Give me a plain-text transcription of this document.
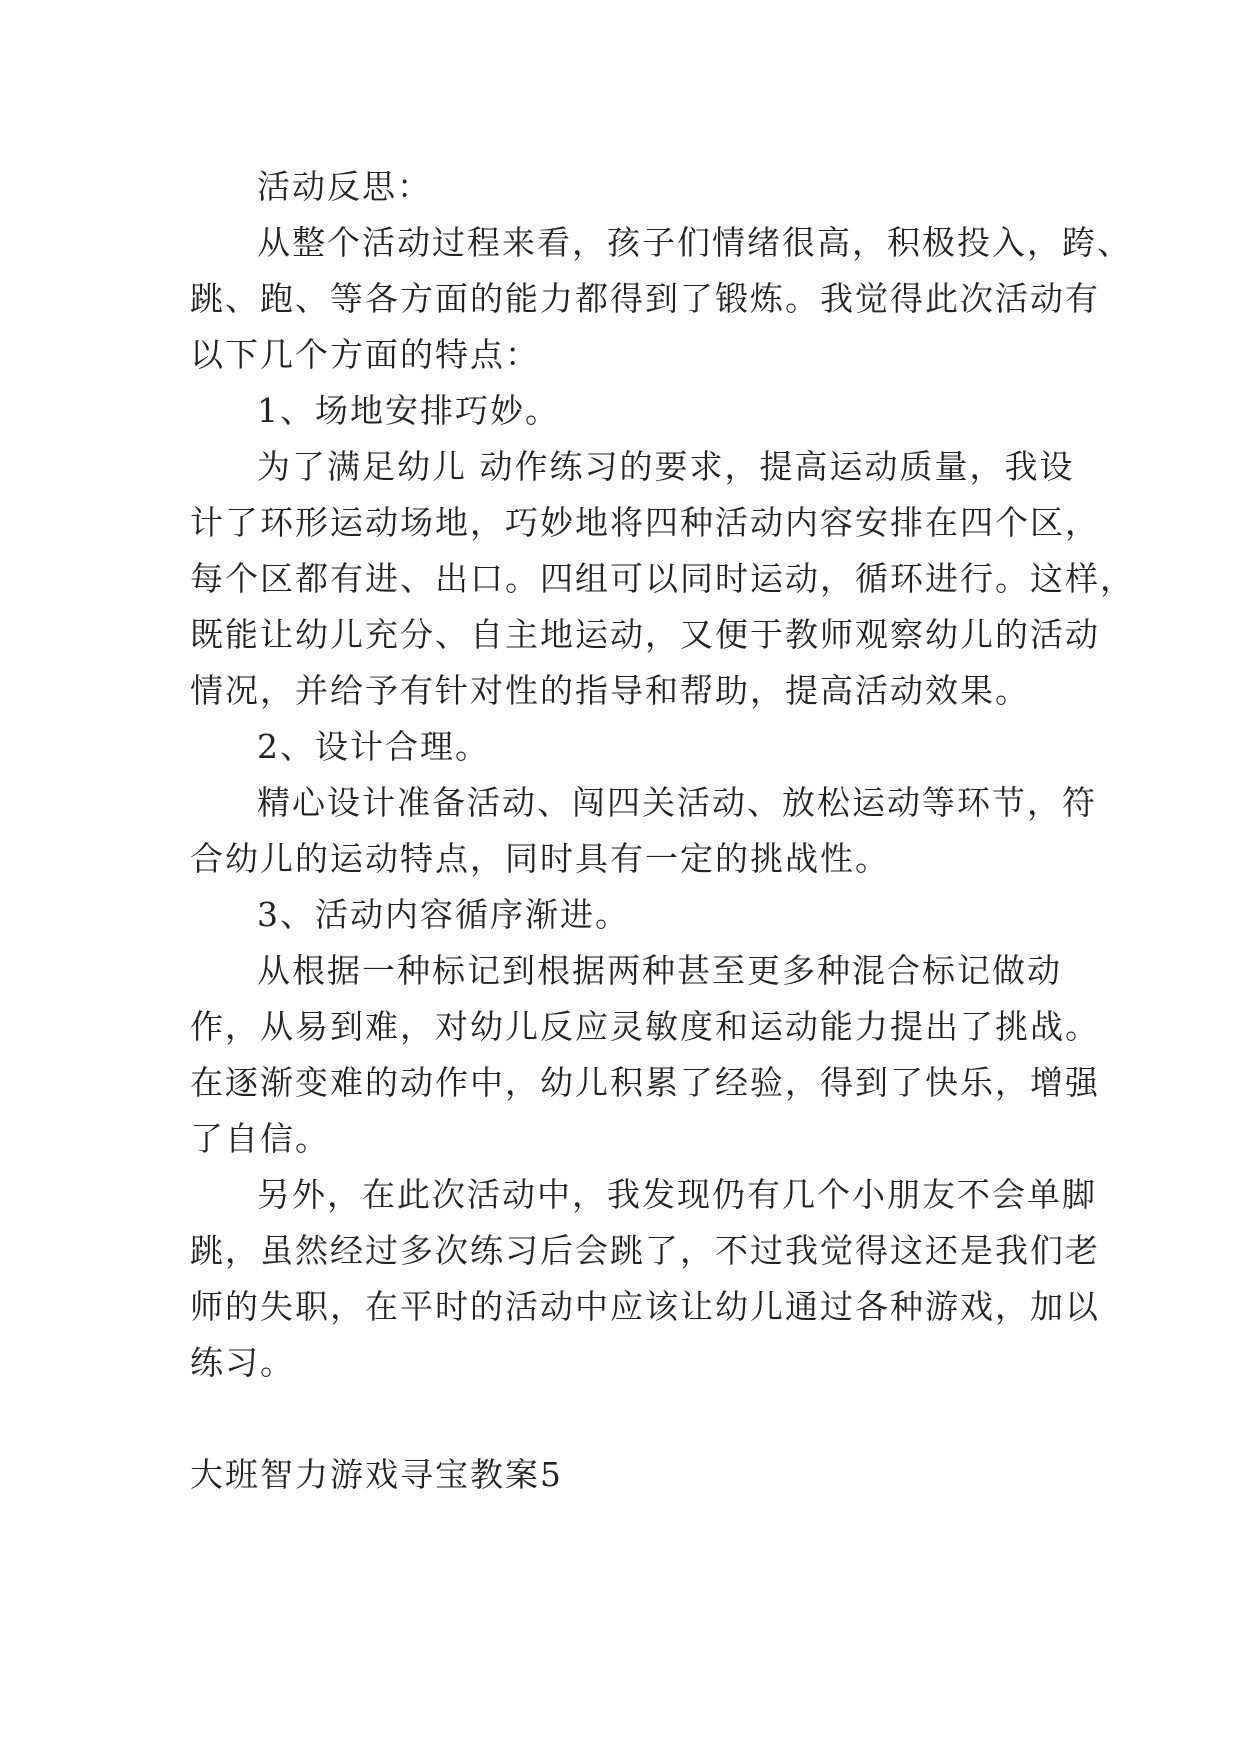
活动反思：
从整个活动过程来看，孩子们情绪很高，积极投入，跨、
跳、跑、等各方面的能力都得到了锻炼。我觉得此次活动有
以下几个方面的特点：
1、场地安排巧妙。
为了满足幼儿 动作练习的要求，提高运动质量，我设
计了环形运动场地，巧妙地将四种活动内容安排在四个区，
每个区都有进、出口。四组可以同时运动，循环进行。这样，
既能让幼儿充分、自主地运动，又便于教师观察幼儿的活动
情况，并给予有针对性的指导和帮助，提高活动效果。
2、设计合理。
精心设计准备活动、闯四关活动、放松运动等环节，符
合幼儿的运动特点，同时具有一定的挑战性。
3、活动内容循序渐进。
从根据一种标记到根据两种甚至更多种混合标记做动
作，从易到难，对幼儿反应灵敏度和运动能力提出了挑战。
在逐渐变难的动作中，幼儿积累了经验，得到了快乐，增强
了自信。
另外，在此次活动中，我发现仍有几个小朋友不会单脚
跳，虽然经过多次练习后会跳了，不过我觉得这还是我们老
师的失职，在平时的活动中应该让幼儿通过各种游戏，加以
练习。
大班智力游戏寻宝教案5
